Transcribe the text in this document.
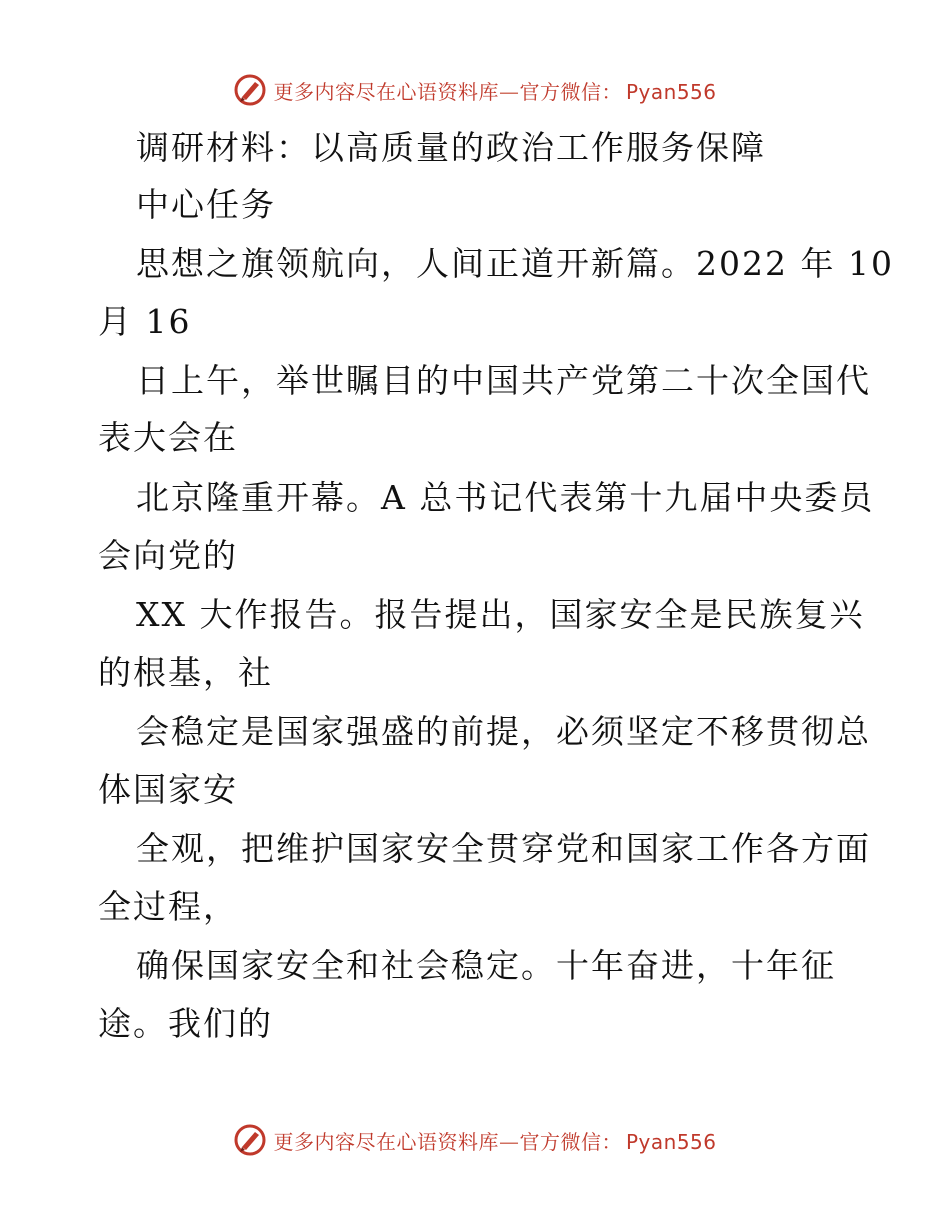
更多内容尽在心语资料库—官方微信： Pyan556
调研材料：以高质量的政治工作服务保障
中心任务
思想之旗领航向，人间正道开新篇。2022 年 10
月 16
日上午，举世瞩目的中国共产党第二十次全国代
表大会在
北京隆重开幕。A 总书记代表第十九届中央委员
会向党的
XX 大作报告。报告提出，国家安全是民族复兴
的根基，社
会稳定是国家强盛的前提，必须坚定不移贯彻总
体国家安
全观，把维护国家安全贯穿党和国家工作各方面
全过程，
确保国家安全和社会稳定。十年奋进，十年征
途。我们的
更多内容尽在心语资料库—官方微信： Pyan556
